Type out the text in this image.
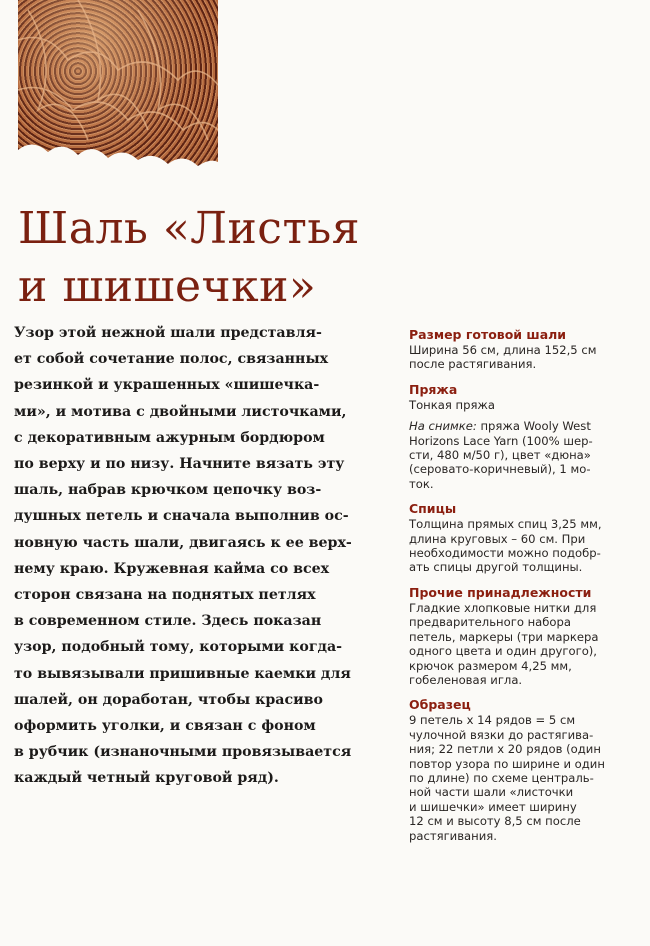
Шаль «Листья
и шишечки»
Узор этой нежной шали представля-
ет собой сочетание полос, связанных
резинкой и украшенных «шишечка-
ми», и мотива с двойными листочками,
с декоративным ажурным бордюром
по верху и по низу. Начните вязать эту
шаль, набрав крючком цепочку воз-
душных петель и сначала выполнив ос-
новную часть шали, двигаясь к ее верх-
нему краю. Кружевная кайма со всех
сторон связана на поднятых петлях
в современном стиле. Здесь показан
узор, подобный тому, которыми когда-
то вывязывали пришивные каемки для
шалей, он доработан, чтобы красиво
оформить уголки, и связан с фоном
в рубчик (изнаночными провязывается
каждый четный круговой ряд).
Размер готовой шали

Ширина 56 см, длина 152,5 см
после растягивания.

Пряжа

Тонкая пряжа
На снимке: пряжа Wooly West
Horizons Lace Yarn (100% шер-
сти, 480 м/50 г), цвет «дюна»
(серовато-коричневый), 1 мо-
ток.

Спицы

Толщина прямых спиц 3,25 мм,
длина круговых – 60 см. При
необходимости можно подобр-
ать спицы другой толщины.

Прочие принадлежности

Гладкие хлопковые нитки для
предварительного набора
петель, маркеры (три маркера
одного цвета и один другого),
крючок размером 4,25 мм,
гобеленовая игла.

Образец

9 петель х 14 рядов = 5 см
чулочной вязки до растягива-
ния; 22 петли х 20 рядов (один
повтор узора по ширине и один
по длине) по схеме централь-
ной части шали «листочки
и шишечки» имеет ширину
12 см и высоту 8,5 см после
растягивания.
